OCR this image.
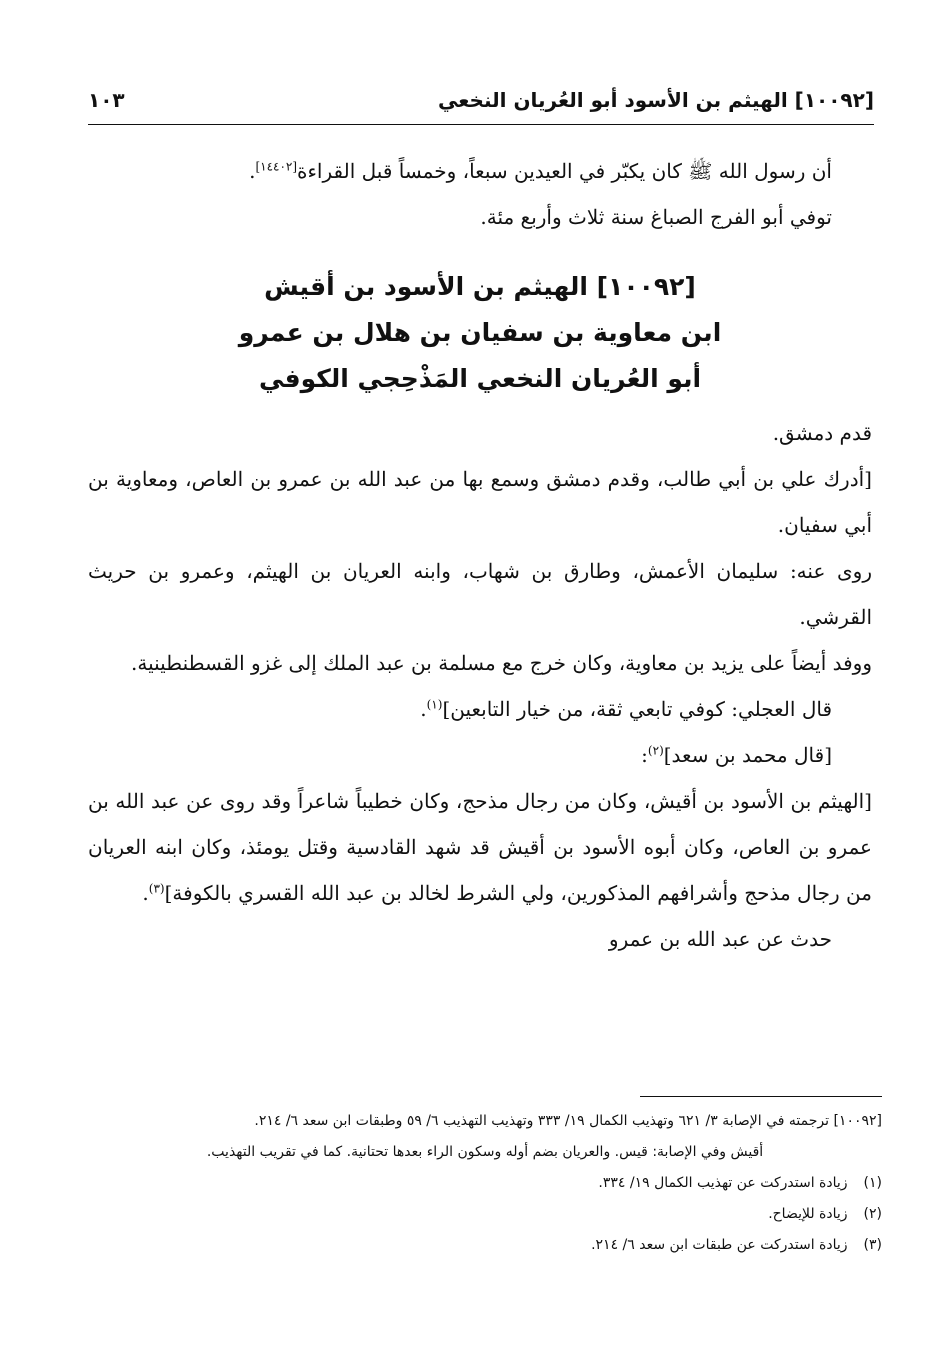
[١٠٠٩٢] الهيثم بن الأسود أبو العُريان النخعي
١٠٣

أن رسول الله ﷺ كان يكبّر في العيدين سبعاً، وخمساً قبل القراءة[١٤٤٠٢].

توفي أبو الفرج الصباغ سنة ثلاث وأربع مئة.

[١٠٠٩٢] الهيثم بن الأسود بن أقيش
ابن معاوية بن سفيان بن هلال بن عمرو
أبو العُريان النخعي المَذْحِجي الكوفي

قدم دمشق.

[أدرك علي بن أبي طالب، وقدم دمشق وسمع بها من عبد الله بن عمرو بن العاص، ومعاوية بن أبي سفيان.

روى عنه: سليمان الأعمش، وطارق بن شهاب، وابنه العريان بن الهيثم، وعمرو بن حريث القرشي.

ووفد أيضاً على يزيد بن معاوية، وكان خرج مع مسلمة بن عبد الملك إلى غزو القسطنطينية.

قال العجلي: كوفي تابعي ثقة، من خيار التابعين]$^{(١)}$.

[قال محمد بن سعد]$^{(٢)}$:

[الهيثم بن الأسود بن أقيش، وكان من رجال مذحج، وكان خطيباً شاعراً وقد روى عن عبد الله بن عمرو بن العاص، وكان أبوه الأسود بن أقيش قد شهد القادسية وقتل يومئذ، وكان ابنه العريان من رجال مذحج وأشرافهم المذكورين، ولي الشرط لخالد بن عبد الله القسري بالكوفة]$^{(٣)}$.

حدث عن عبد الله بن عمرو

[١٠٠٩٢] ترجمته في الإصابة ٣/ ٦٢١ وتهذيب الكمال ١٩/ ٣٣٣ وتهذيب التهذيب ٦/ ٥٩ وطبقات ابن سعد ٦/ ٢١٤.
أقيش وفي الإصابة: قيس. والعريان بضم أوله وسكون الراء بعدها تحتانية. كما في تقريب التهذيب.
(١) زيادة استدركت عن تهذيب الكمال ١٩/ ٣٣٤.
(٢) زيادة للإيضاح.
(٣) زيادة استدركت عن طبقات ابن سعد ٦/ ٢١٤.
